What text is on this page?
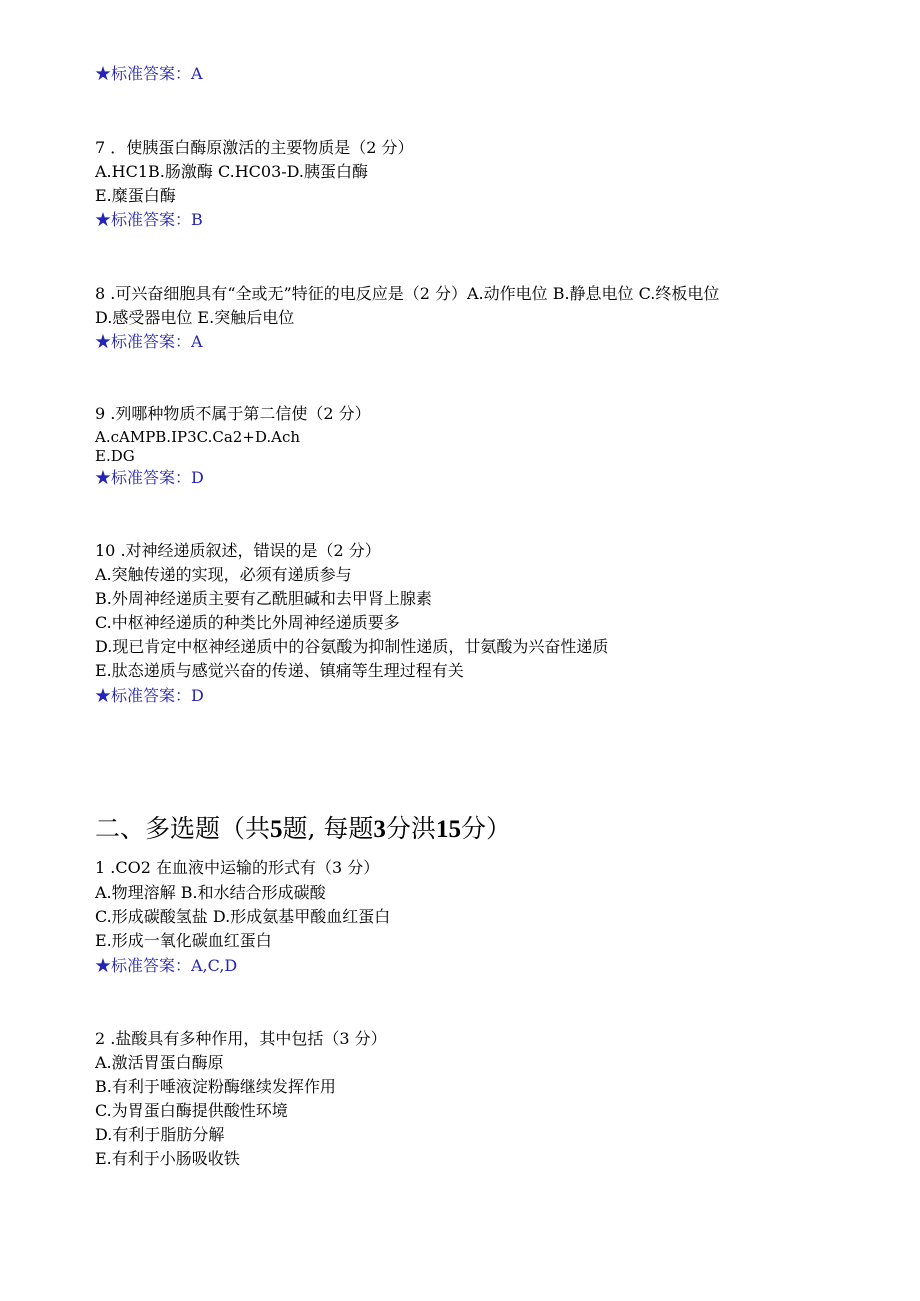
★标准答案：A
7 ．使胰蛋白酶原激活的主要物质是（2 分）
A.HC1B.肠激酶 C.HC03-D.胰蛋白酶
E.糜蛋白酶
★标准答案：B
8 .可兴奋细胞具有“全或无”特征的电反应是（2 分）A.动作电位 B.静息电位 C.终板电位
D.感受器电位 E.突触后电位
★标准答案：A
9 .列哪种物质不属于第二信使（2 分）
A.cAMPB.IP3C.Ca2+D.Ach
E.DG
★标准答案：D
10 .对神经递质叙述，错误的是（2 分）
A.突触传递的实现，必须有递质参与
B.外周神经递质主要有乙酰胆碱和去甲肾上腺素
C.中枢神经递质的种类比外周神经递质要多
D.现已肯定中枢神经递质中的谷氨酸为抑制性递质，廿氨酸为兴奋性递质
E.肽态递质与感觉兴奋的传递、镇痛等生理过程有关
★标准答案：D
二、多选题（共5题, 每题3分洪15分）
1 .CO2 在血液中运输的形式有（3 分）
A.物理溶解 B.和水结合形成碳酸
C.形成碳酸氢盐 D.形成氨基甲酸血红蛋白
E.形成一氧化碳血红蛋白
★标准答案：A,C,D
2 .盐酸具有多种作用，其中包括（3 分）
A.激活胃蛋白酶原
B.有利于唾液淀粉酶继续发挥作用
C.为胃蛋白酶提供酸性环境
D.有利于脂肪分解
E.有利于小肠吸收铁
